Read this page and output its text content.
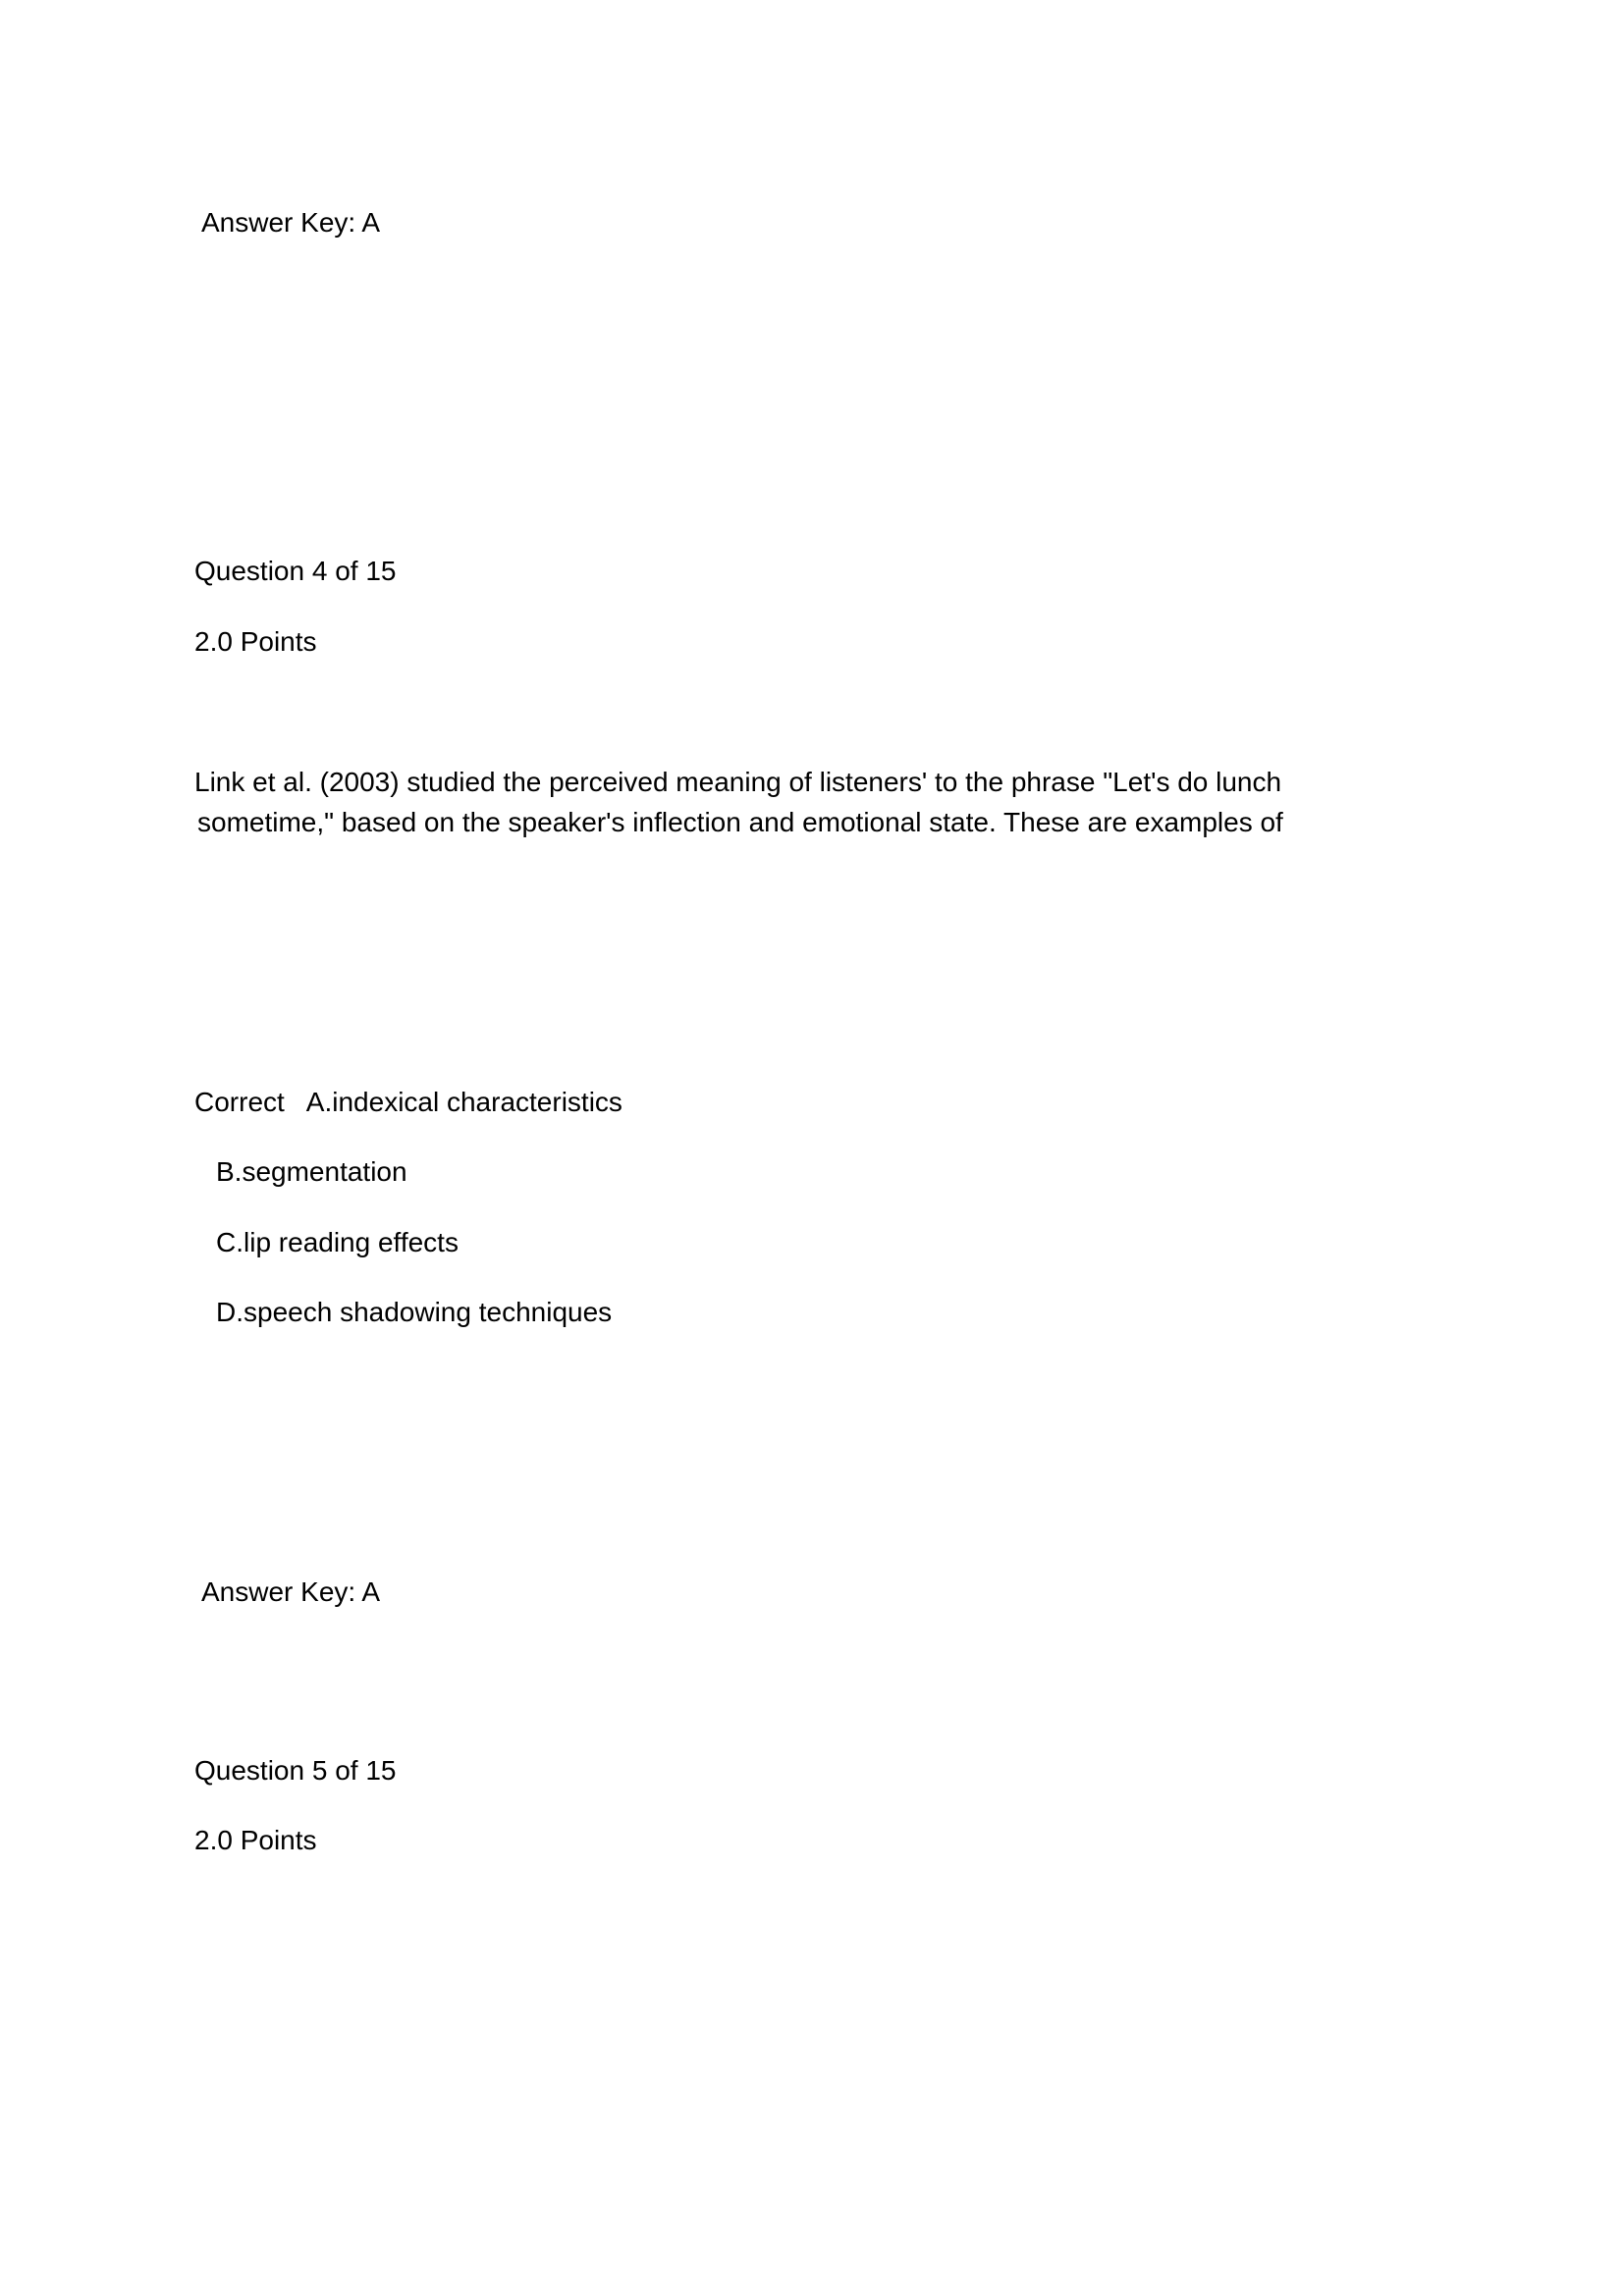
Answer Key: A
Question 4 of 15
2.0 Points
Link et al. (2003) studied the perceived meaning of listeners' to the phrase "Let's do lunch
sometime," based on the speaker's inflection and emotional state. These are examples of
Correct A.indexical characteristics
B.segmentation
C.lip reading effects
D.speech shadowing techniques
Answer Key: A
Question 5 of 15
2.0 Points
